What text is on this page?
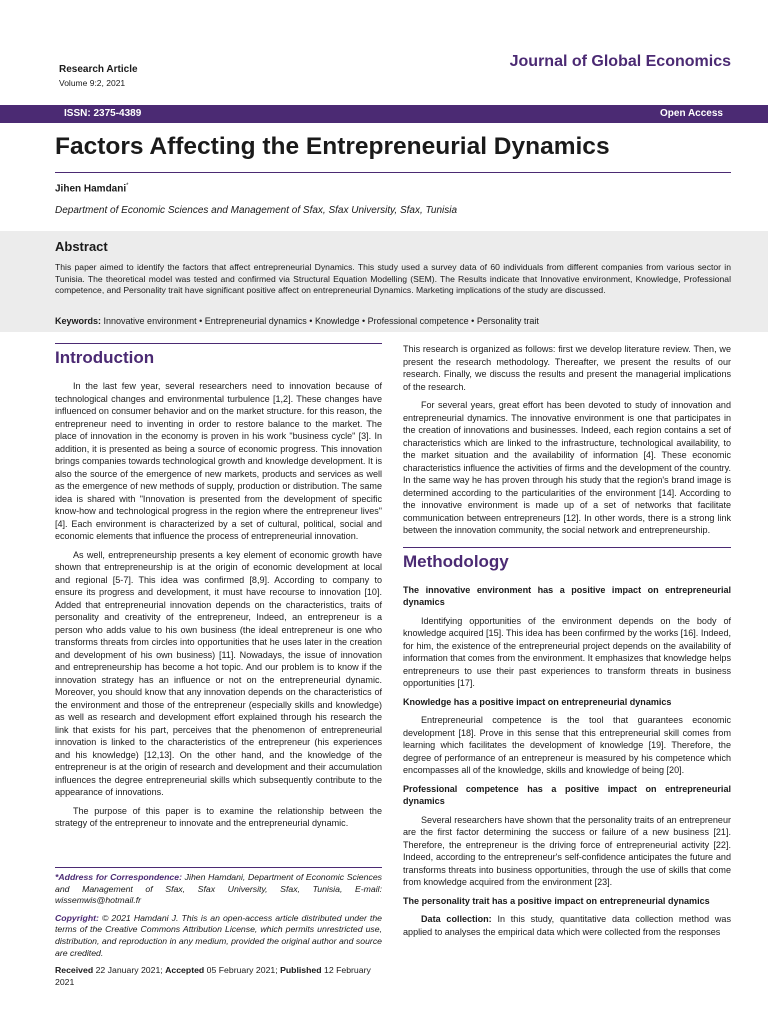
Research Article
Volume 9:2, 2021
Journal of Global Economics
ISSN: 2375-4389	Open Access
Factors Affecting the Entrepreneurial Dynamics
Jihen Hamdani*
Department of Economic Sciences and Management of Sfax, Sfax University, Sfax, Tunisia
Abstract

This paper aimed to identify the factors that affect entrepreneurial Dynamics. This study used a survey data of 60 individuals from different companies from various sector in Tunisia. The theoretical model was tested and confirmed via Structural Equation Modelling (SEM). The Results indicate that Innovative environment, Knowledge, Professional competence, and Personality trait have significant positive affect on entrepreneurial Dynamics. Marketing implications of the study are discussed.

Keywords: Innovative environment • Entrepreneurial dynamics • Knowledge • Professional competence • Personality trait

Introduction

In the last few year, several researchers need to innovation because of technological changes and environmental turbulence [1,2]. These changes have influenced on consumer behavior and on the market structure. for this reason, the entrepreneur need to inventing in order to restore balance to the market. The place of innovation in the economy is proven in his work "business cycle" [3]. In addition, it is presented as being a source of economic progress. This innovation brings companies towards technological growth and knowledge development. It is also the source of the emergence of new markets, products and services as well as the emergence of new methods of supply, production or distribution. The same idea is shared with "Innovation is presented from the development of specific know-how and technological progress in the region where the entrepreneur lives" [4]. Each environment is characterized by a set of cultural, political, social and economic elements that influence the process of entrepreneurial innovation.

As well, entrepreneurship presents a key element of economic growth have shown that entrepreneurship is at the origin of economic development at local and regional [5-7]. This idea was confirmed [8,9]. According to company to ensure its progress and development, it must have recourse to innovation [10]. Added that entrepreneurial innovation depends on the characteristics, traits of personality and creativity of the entrepreneur, Indeed, an entrepreneur is a person who adds value to his own business (the ideal entrepreneur is one who transforms threats from circles into opportunities that he uses later in the creation and development of his own business) [11]. Nowadays, the issue of innovation and entrepreneurship has become a hot topic. And our problem is to know if the innovation strategy has an influence or not on the entrepreneurial dynamic. Moreover, you should know that any innovation depends on the characteristics of the environment and those of the entrepreneur (especially skills and knowledge) as well as research and development effort explained through his research the link that exists for his part, perceives that the phenomenon of entrepreneurial innovation is linked to the characteristics of the entrepreneur (his experiences and his knowledge) [12,13]. On the other hand, and the knowledge of the entrepreneur is at the origin of research and development and their accumulation influences the degree entrepreneurial skills which subsequently contribute to the appearance of innovations.

The purpose of this paper is to examine the relationship between the strategy of the entrepreneur to innovate and the entrepreneurial dynamic.

*Address for Correspondence: Jihen Hamdani, Department of Economic Sciences and Management of Sfax, Sfax University, Sfax, Tunisia, E-mail: wissemwis@hotmail.fr

Copyright: © 2021 Hamdani J. This is an open-access article distributed under the terms of the Creative Commons Attribution License, which permits unrestricted use, distribution, and reproduction in any medium, provided the original author and source are credited.

Received 22 January 2021; Accepted 05 February 2021; Published 12 February 2021

This research is organized as follows: first we develop literature review. Then, we present the research methodology. Thereafter, we present the results of our research. Finally, we discuss the results and present the managerial implications of the research.

For several years, great effort has been devoted to study of innovation and entrepreneurial dynamics. The innovative environment is one that participates in the creation of innovations and businesses. Indeed, each region contains a set of characteristics which are linked to the infrastructure, technological availability, to the market situation and the availability of information [4]. These economic characteristics influence the activities of firms and the development of the country. In the same way he has proven through his study that the region's brand image is determined according to the particularities of the environment [14]. According to the innovative environment is made up of a set of networks that facilitate communication between entrepreneurs [12]. In other words, there is a strong link between the innovation community, the social network and entrepreneurship.

Methodology

The innovative environment has a positive impact on entrepreneurial dynamics

Identifying opportunities of the environment depends on the body of knowledge acquired [15]. This idea has been confirmed by the works [16]. Indeed, for him, the existence of the entrepreneurial project depends on the availability of information that comes from the environment. It emphasizes that knowledge helps entrepreneurs to use their past experiences to transform threats in business opportunities [17].

Knowledge has a positive impact on entrepreneurial dynamics

Entrepreneurial competence is the tool that guarantees economic development [18]. Prove in this sense that this entrepreneurial skill comes from learning which facilitates the development of knowledge [19]. Therefore, the degree of performance of an entrepreneur is measured by his competence which encompasses all of the knowledge, skills and knowledge of being [20].

Professional competence has a positive impact on entrepreneurial dynamics

Several researchers have shown that the personality traits of an entrepreneur are the first factor determining the success or failure of a new business [21]. Therefore, the entrepreneur is the driving force of entrepreneurial activity [22]. Indeed, according to the entrepreneur's self-confidence anticipates the future and transforms threats into business opportunities, through the use of skills that come from knowledge acquired from the environment [23].

The personality trait has a positive impact on entrepreneurial dynamics

Data collection: In this study, quantitative data collection method was applied to analyses the empirical data which were collected from the responses
